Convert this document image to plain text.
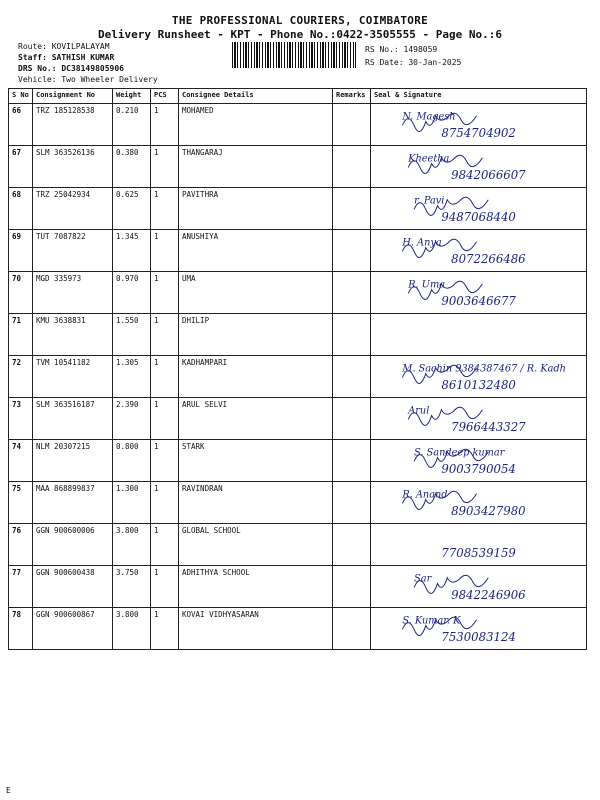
THE PROFESSIONAL COURIERS, COIMBATORE
Delivery Runsheet - KPT - Phone No.:0422-3505555 - Page No.:6
Route: KOVILPALAYAM
Staff: SATHISH KUMAR
DRS No.: DC38149805906
Vehicle: Two Wheeler Delivery
RS No.: 1498059
RS Date: 30-Jan-2025
S No	Consignment No	Weight	PCS	Consignee Details	Remarks	Seal & Signature
66	TRZ 185128538	0.210	1	MOHAMED		N. Magesh
8754704902

67	SLM 363526136	0.380	1	THANGARAJ		Kheetha
9842066607

68	TRZ 25042934	0.625	1	PAVITHRA		r. Pavi
9487068440

69	TUT 7087822	1.345	1	ANUSHIYA		H. Anya
8072266486

70	MGD 335973	0.970	1	UMA		R. Uma
9003646677

71	KMU 3638831	1.550	1	DHILIP		

72	TVM 10541182	1.305	1	KADHAMPARI		M. Sachin 9384387467 / R. Kadh
8610132480

73	SLM 363516187	2.390	1	ARUL SELVI		Arul
7966443327

74	NLM 20307215	0.800	1	STARK		S. Sandeep kumar
9003790054

75	MAA 868899837	1.300	1	RAVINDRAN		R. Anand
8903427980

76	GGN 900600006	3.800	1	GLOBAL SCHOOL		7708539159

77	GGN 900600438	3.750	1	ADHITHYA SCHOOL		Sar
9842246906

78	GGN 900600867	3.800	1	KOVAI VIDHYASARAN		S. Kumar. K
7530083124
E
